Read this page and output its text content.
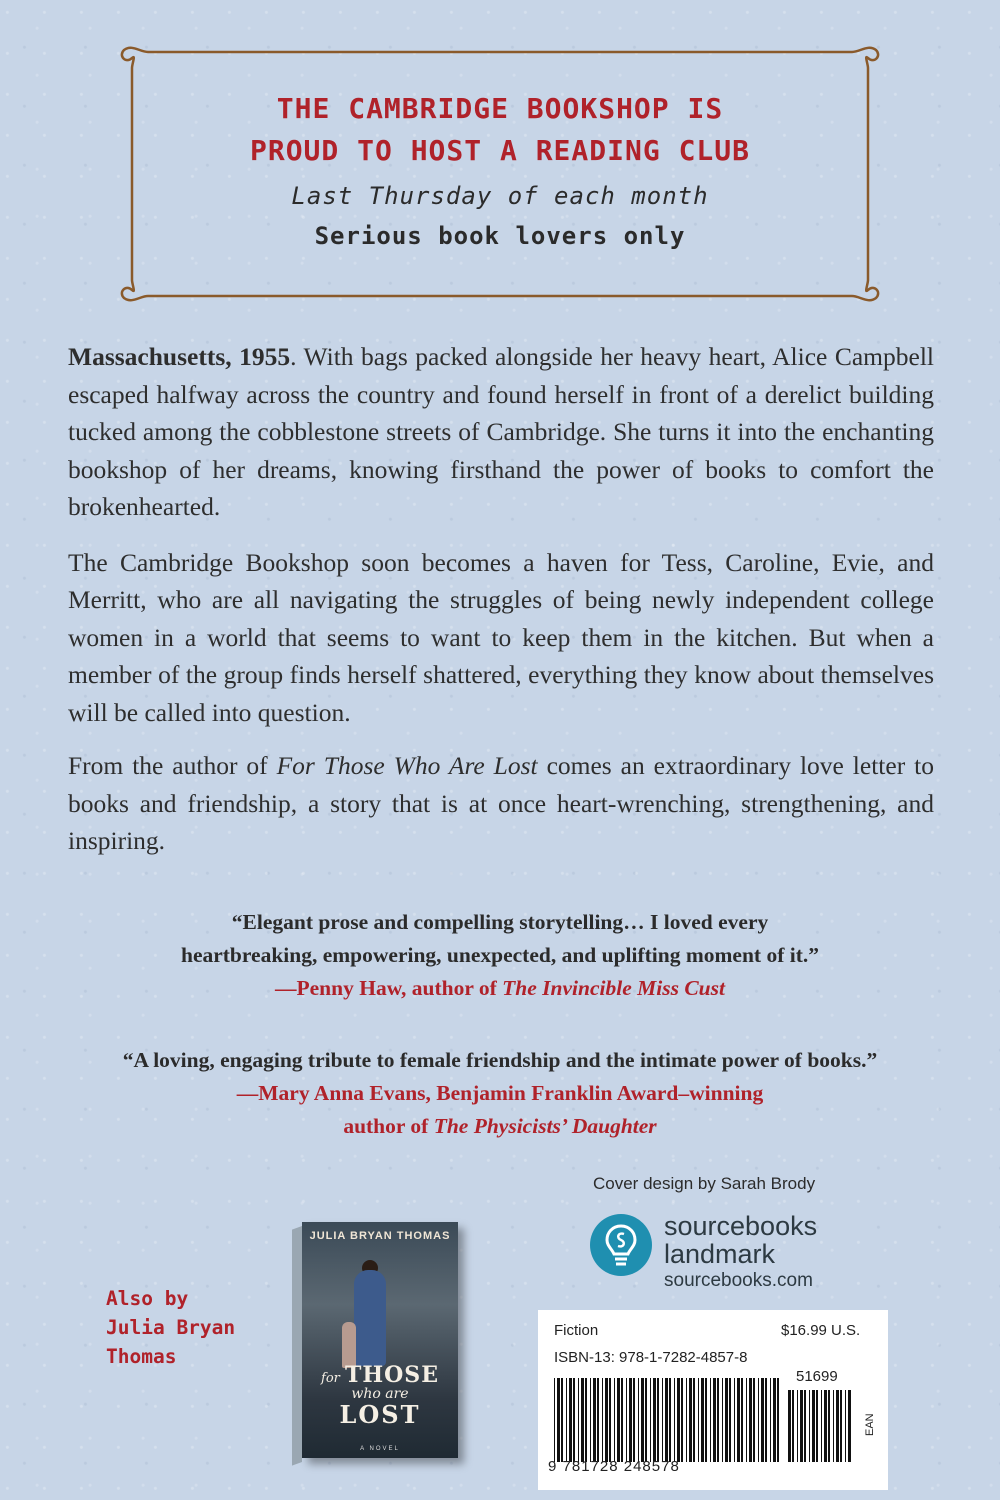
THE CAMBRIDGE BOOKSHOP IS
PROUD TO HOST A READING CLUB
Last Thursday of each month
Serious book lovers only

Massachusetts, 1955. With bags packed alongside her heavy heart, Alice Campbell escaped halfway across the country and found herself in front of a derelict building tucked among the cobblestone streets of Cambridge. She turns it into the enchanting bookshop of her dreams, knowing firsthand the power of books to comfort the brokenhearted.

The Cambridge Bookshop soon becomes a haven for Tess, Caroline, Evie, and Merritt, who are all navigating the struggles of being newly independent college women in a world that seems to want to keep them in the kitchen. But when a member of the group finds herself shattered, everything they know about themselves will be called into question.

From the author of For Those Who Are Lost comes an extraordinary love letter to books and friendship, a story that is at once heart-wrenching, strengthening, and inspiring.

“Elegant prose and compelling storytelling… I loved every
heartbreaking, empowering, unexpected, and uplifting moment of it.”
—Penny Haw, author of The Invincible Miss Cust
“A loving, engaging tribute to female friendship and the intimate power of books.”
—Mary Anna Evans, Benjamin Franklin Award–winning
author of The Physicists’ Daughter
Cover design by Sarah Brody
sourcebooks
landmark
sourcebooks.com
Also by
Julia Bryan
Thomas
JULIA BRYAN THOMAS
for THOSE
who are
LOST
A NOVEL
Fiction	$16.99 U.S.
ISBN-13: 978-1-7282-4857-8
51699
EAN
9 781728 248578
